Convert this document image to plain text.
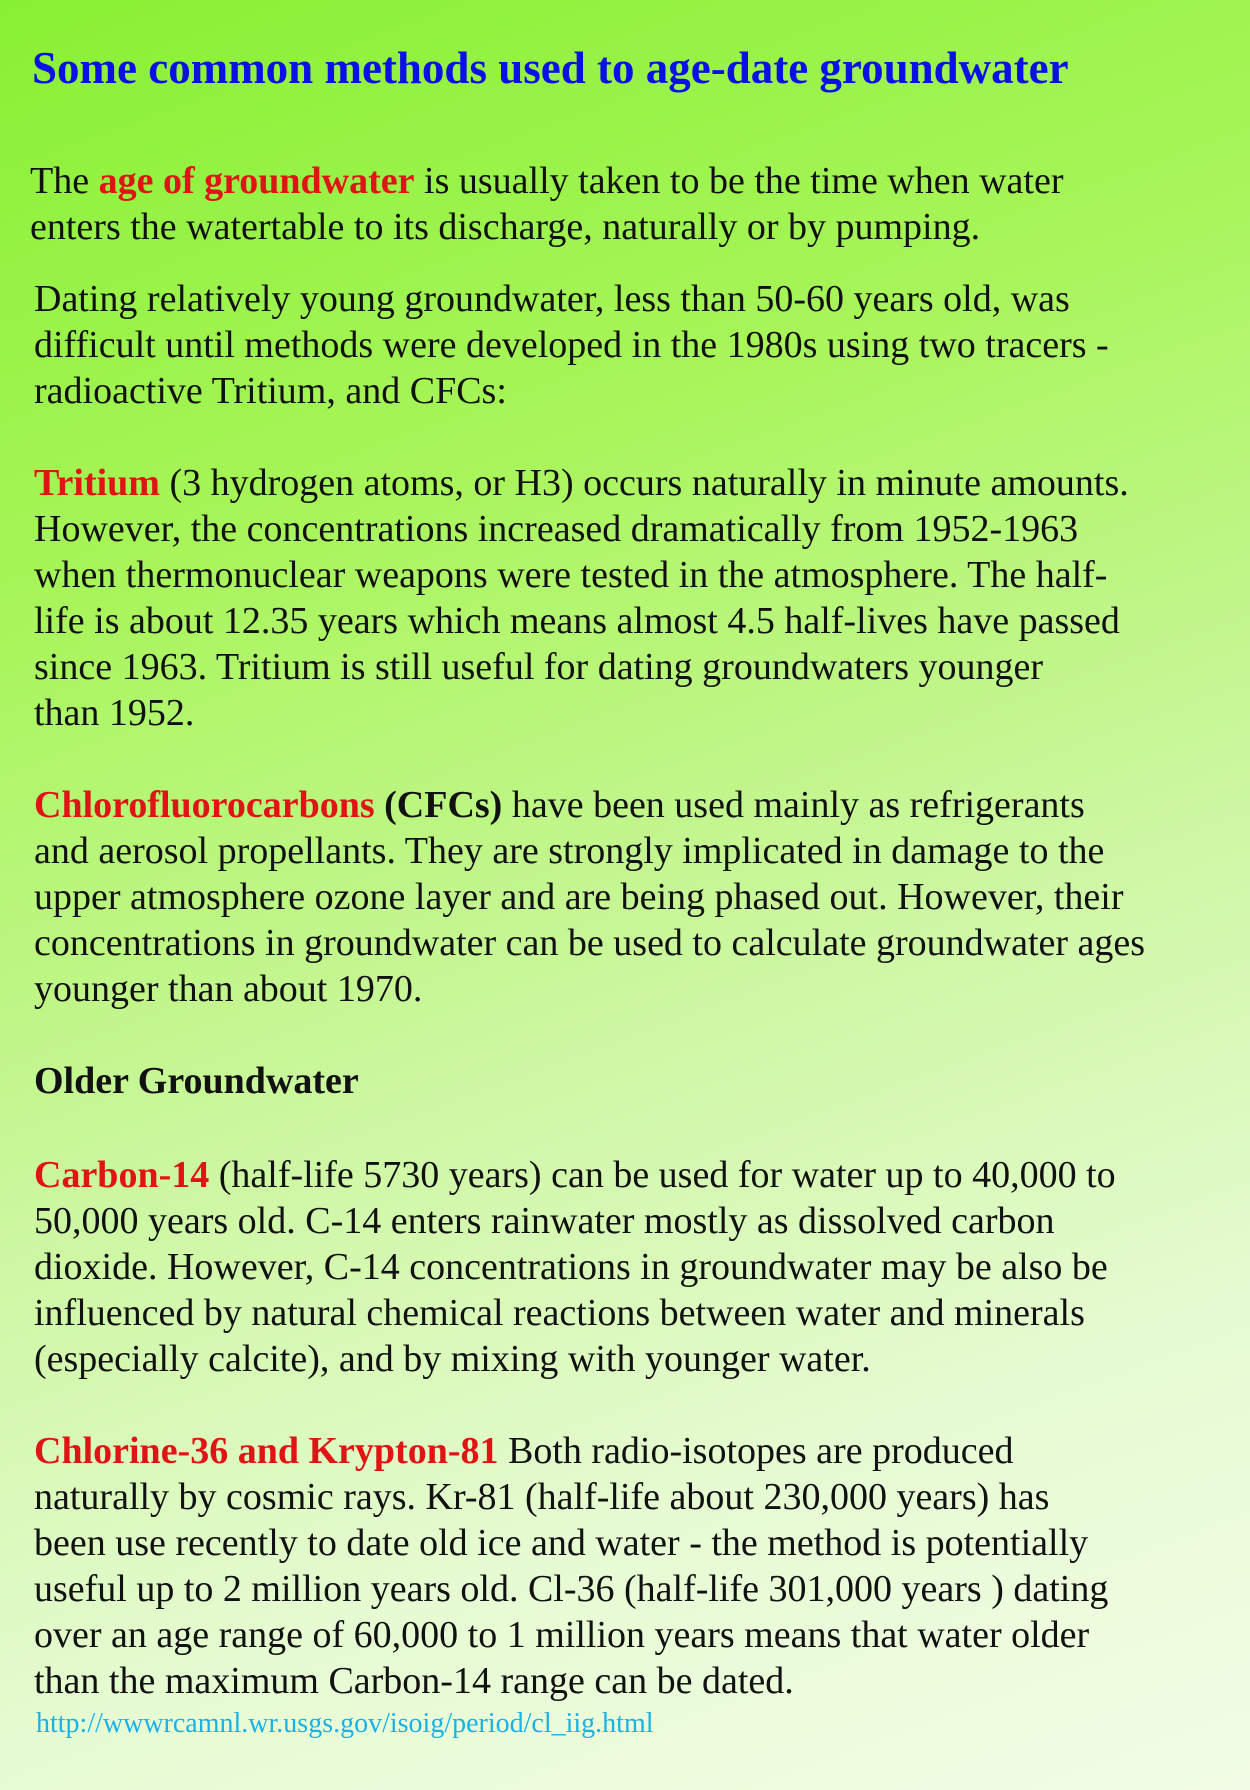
Some common methods used to age-date groundwater

The age of groundwater is usually taken to be the time when water
enters the watertable to its discharge, naturally or by pumping.

Dating relatively young groundwater, less than 50-60 years old, was
difficult until methods were developed in the 1980s using two tracers -
radioactive Tritium, and CFCs:

Tritium (3 hydrogen atoms, or H3) occurs naturally in minute amounts.
However, the concentrations increased dramatically from 1952-1963
when thermonuclear weapons were tested in the atmosphere. The half-
life is about 12.35 years which means almost 4.5 half-lives have passed
since 1963. Tritium is still useful for dating groundwaters younger
than 1952.

Chlorofluorocarbons (CFCs) have been used mainly as refrigerants
and aerosol propellants. They are strongly implicated in damage to the
upper atmosphere ozone layer and are being phased out. However, their
concentrations in groundwater can be used to calculate groundwater ages
younger than about 1970.

Older Groundwater

Carbon-14 (half-life 5730 years) can be used for water up to 40,000 to
50,000 years old. C-14 enters rainwater mostly as dissolved carbon
dioxide. However, C-14 concentrations in groundwater may be also be
influenced by natural chemical reactions between water and minerals
(especially calcite), and by mixing with younger water.

Chlorine-36 and Krypton-81 Both radio-isotopes are produced
naturally by cosmic rays. Kr-81 (half-life about 230,000 years) has
been use recently to date old ice and water - the method is potentially
useful up to 2 million years old. Cl-36 (half-life 301,000 years ) dating
over an age range of 60,000 to 1 million years means that water older
than the maximum Carbon-14 range can be dated.

http://wwwrcamnl.wr.usgs.gov/isoig/period/cl_iig.html
